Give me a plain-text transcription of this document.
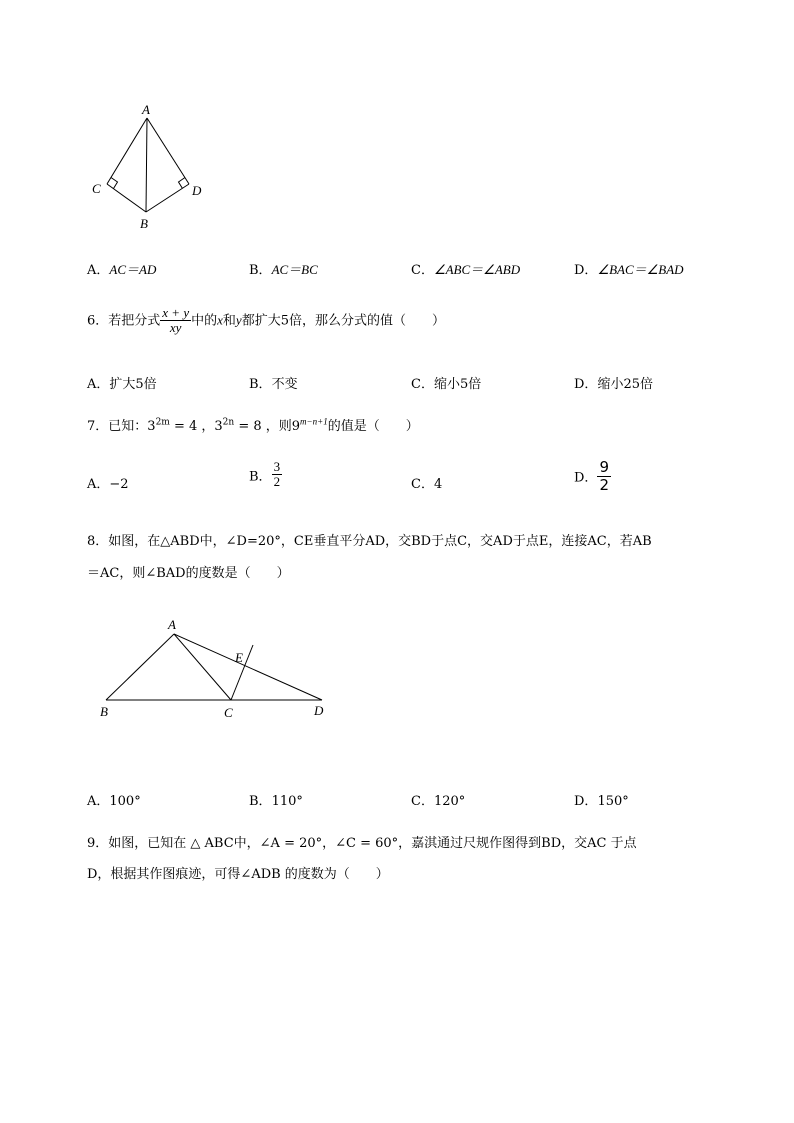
A
C	D
B
A．AC＝AD	B．AC＝BC	C．∠ABC＝∠ABD	D．∠BAC＝∠BAD
6．若把分式 $\frac{x + y}{xy}$ 中的x和y都扩大5倍，那么分式的值（　　）
A．扩大5倍	B．不变	C．缩小5倍	D．缩小25倍
7．已知：$3^{2m} = 4$ ，$3^{2n} = 8$ ，则$9^{m-n+1}$的值是（　　）
A．−2
B． $\frac{3}{2}$	C．4	D． $\frac{9}{2}$
8．如图，在△ABD中，∠D=20°，CE垂直平分AD，交BD于点C，交AD于点E，连接AC，若AB
＝AC，则∠BAD的度数是（　　）
A
E
B	C	D
A．100°	B．110°	C．120°	D．150°
9．如图，已知在 △ ABC中，∠A = 20°，∠C = 60°，嘉淇通过尺规作图得到BD，交AC 于点
D，根据其作图痕迹，可得∠ADB 的度数为（　　）
